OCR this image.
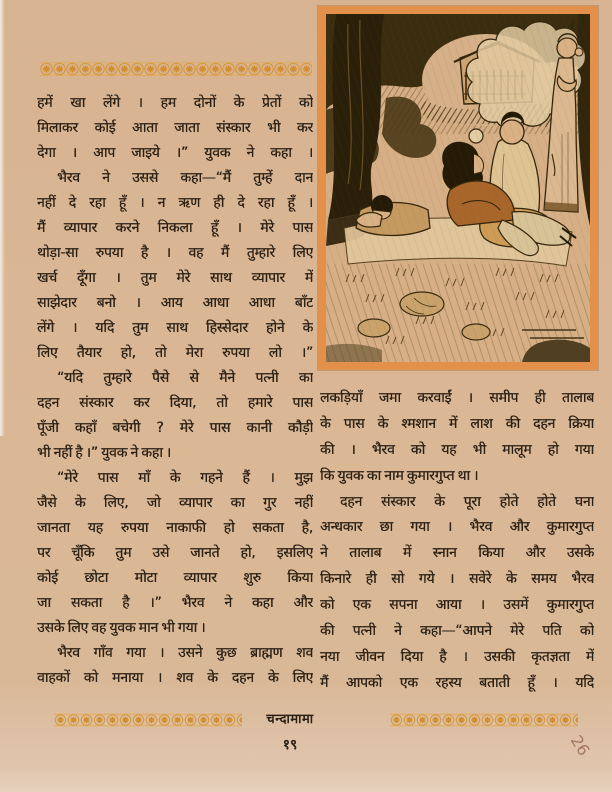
हमें खा लेंगे । हम दोनों के प्रेतों को
मिलाकर कोई आता जाता संस्कार भी कर
देगा । आप जाइये ।” युवक ने कहा ।
भैरव ने उससे कहा—“मैं तुम्हें दान
नहीं दे रहा हूँ । न ऋण ही दे रहा हूँ ।
मैं व्यापार करने निकला हूँ । मेरे पास
थोड़ा-सा रुपया है । वह मैं तुम्हारे लिए
खर्च दूँगा । तुम मेरे साथ व्यापार में
साझेदार बनो । आय आधा आधा बाँट
लेंगे । यदि तुम साथ हिस्सेदार होने के
लिए तैयार हो, तो मेरा रुपया लो ।”
“यदि तुम्हारे पैसे से मैने पत्नी का
दहन संस्कार कर दिया, तो हमारे पास
पूँजी कहाँ बचेगी ? मेरे पास कानी कौड़ी
भी नहीं है ।” युवक ने कहा ।
“मेरे पास माँ के गहने हैं । मुझ
जैसे के लिए, जो व्यापार का गुर नहीं
जानता यह रुपया नाकाफी हो सकता है,
पर चूँकि तुम उसे जानते हो, इसलिए
कोई छोटा मोटा व्यापार शुरु किया
जा सकता है ।” भैरव ने कहा और
उसके लिए वह युवक मान भी गया ।
भैरव गाँव गया । उसने कुछ ब्राह्मण शव
वाहकों को मनाया । शव के दहन के लिए
लकड़ियाँ जमा करवाईं । समीप ही तालाब
के पास के श्मशान में लाश की दहन क्रिया
की । भैरव को यह भी मालूम हो गया
कि युवक का नाम कुमारगुप्त था ।
दहन संस्कार के पूरा होते होते घना
अन्धकार छा गया । भैरव और कुमारगुप्त
ने तालाब में स्नान किया और उसके
किनारे ही सो गये । सवेरे के समय भैरव
को एक सपना आया । उसमें कुमारगुप्त
की पत्नी ने कहा—“आपने मेरे पति को
नया जीवन दिया है । उसकी कृतज्ञता में
मैं आपको एक रहस्य बताती हूँ । यदि
चन्दामामा
१९	26
